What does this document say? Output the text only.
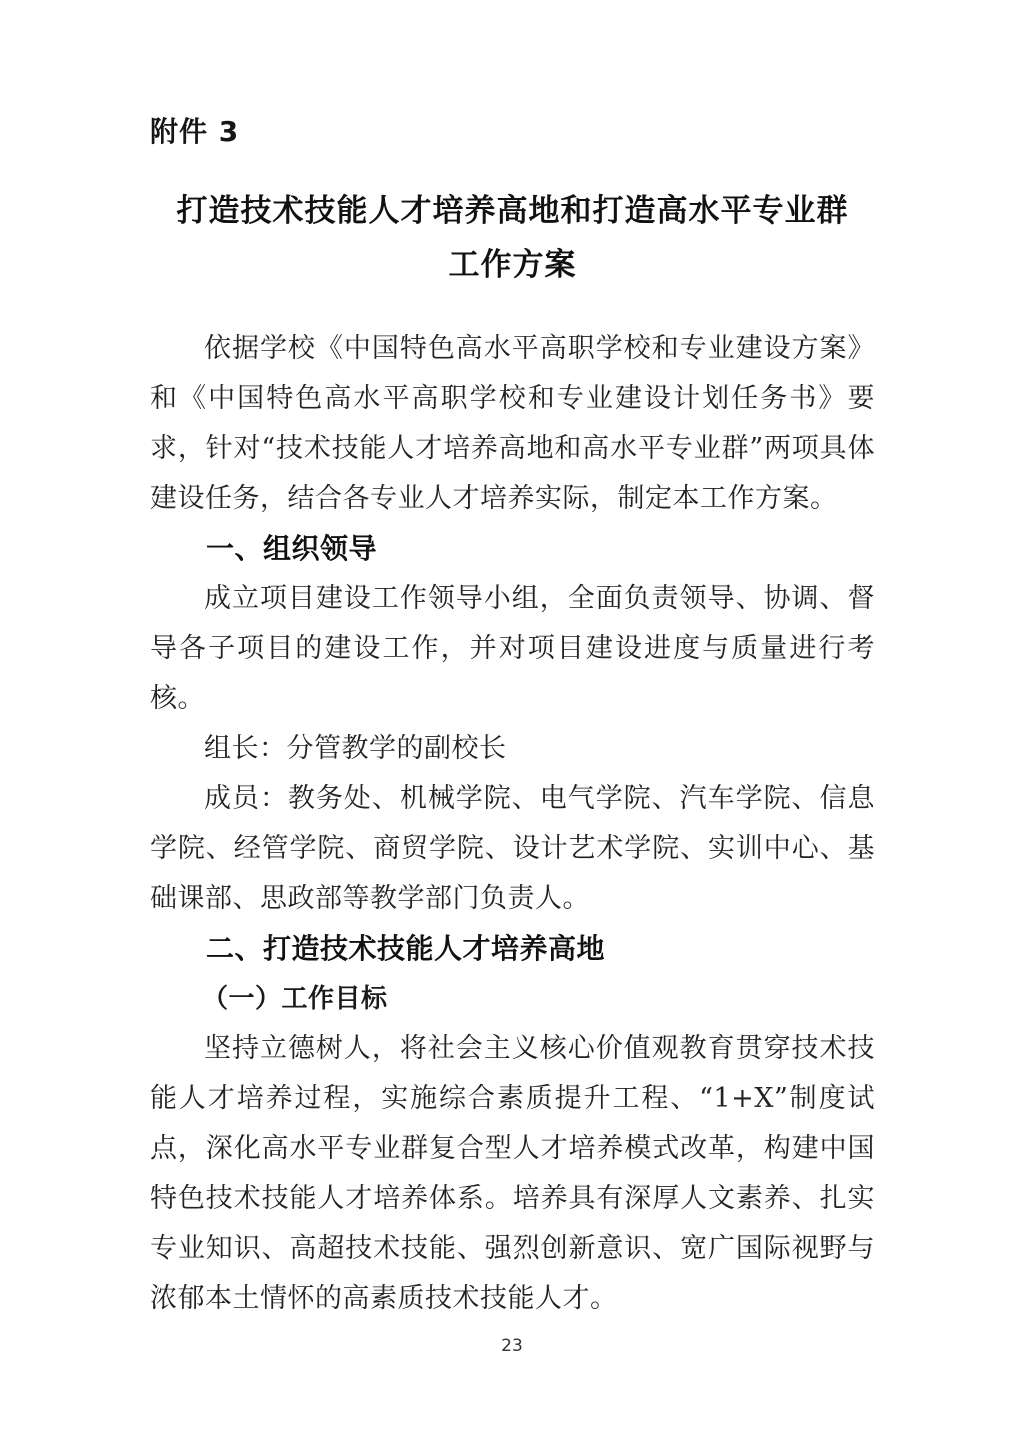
附件 3
打造技术技能人才培养高地和打造高水平专业群
工作方案

依据学校《中国特色高水平高职学校和专业建设方案》和《中国特色高水平高职学校和专业建设计划任务书》要求，针对“技术技能人才培养高地和高水平专业群”两项具体建设任务，结合各专业人才培养实际，制定本工作方案。

一、组织领导

成立项目建设工作领导小组，全面负责领导、协调、督导各子项目的建设工作，并对项目建设进度与质量进行考核。

组长：分管教学的副校长

成员：教务处、机械学院、电气学院、汽车学院、信息学院、经管学院、商贸学院、设计艺术学院、实训中心、基础课部、思政部等教学部门负责人。

二、打造技术技能人才培养高地
（一）工作目标

坚持立德树人，将社会主义核心价值观教育贯穿技术技能人才培养过程，实施综合素质提升工程、“1+X”制度试点，深化高水平专业群复合型人才培养模式改革，构建中国特色技术技能人才培养体系。培养具有深厚人文素养、扎实专业知识、高超技术技能、强烈创新意识、宽广国际视野与浓郁本土情怀的高素质技术技能人才。

23
